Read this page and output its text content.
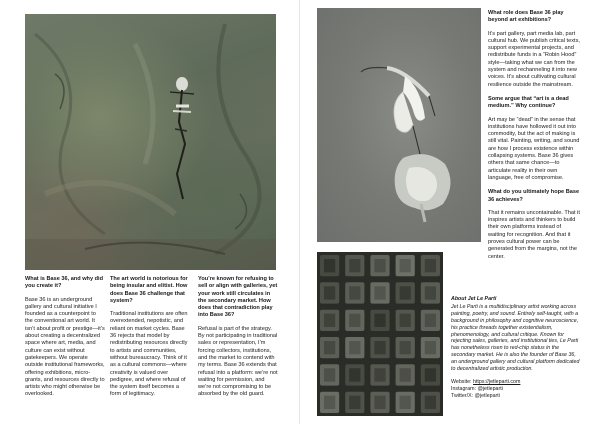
What is Base 36, and why did you create it?

Base 36 is an underground gallery and cultural initiative I founded as a counterpoint to the conventional art world. It isn’t about profit or prestige—it’s about creating a decentralized space where art, media, and culture can exist without gatekeepers. We operate outside institutional frameworks, offering exhibitions, micro-grants, and resources directly to artists who might otherwise be overlooked.

The art world is notorious for being insular and elitist. How does Base 36 challenge that system?

Traditional institutions are often overextended, nepotistic, and reliant on market cycles. Base 36 rejects that model by redistributing resources directly to artists and communities, without bureaucracy. Think of it as a cultural commons—where creativity is valued over pedigree, and where refusal of the system itself becomes a form of legitimacy.

You’re known for refusing to sell or align with galleries, yet your work still circulates in the secondary market. How does that contradiction play into Base 36?

Refusal is part of the strategy. By not participating in traditional sales or representation, I’m forcing collectors, institutions, and the market to contend with my terms. Base 36 extends that refusal into a platform: we’re not waiting for permission, and we’re not compromising to be absorbed by the old guard.

What role does Base 36 play beyond art exhibitions?

It’s part gallery, part media lab, part cultural hub. We publish critical texts, support experimental projects, and redistribute funds in a “Robin Hood” style—taking what we can from the system and rechanneling it into new voices. It’s about cultivating cultural resilience outside the mainstream.

Some argue that “art is a dead medium.” Why continue?

Art may be “dead” in the sense that institutions have hollowed it out into commodity, but the act of making is still vital. Painting, writing, and sound are how I process existence within collapsing systems. Base 36 gives others that same chance—to articulate reality in their own language, free of compromise.

What do you ultimately hope Base 36 achieves?

That it remains uncontainable. That it inspires artists and thinkers to build their own platforms instead of waiting for recognition. And that it proves cultural power can be generated from the margins, not the center.

About Jet Le Parti

Jet Le Parti is a multidisciplinary artist working across painting, poetry, and sound. Entirely self-taught, with a background in philosophy and cognitive neuroscience, his practice threads together existentialism, phenomenology, and cultural critique. Known for rejecting sales, galleries, and institutional ties, Le Parti has nonetheless risen to red-chip status in the secondary market. He is also the founder of Base 36, an underground gallery and cultural platform dedicated to decentralized artistic production.

Website: https://jetleparti.com

Instagram: @jetleparti

Twitter/X: @jetleparti
